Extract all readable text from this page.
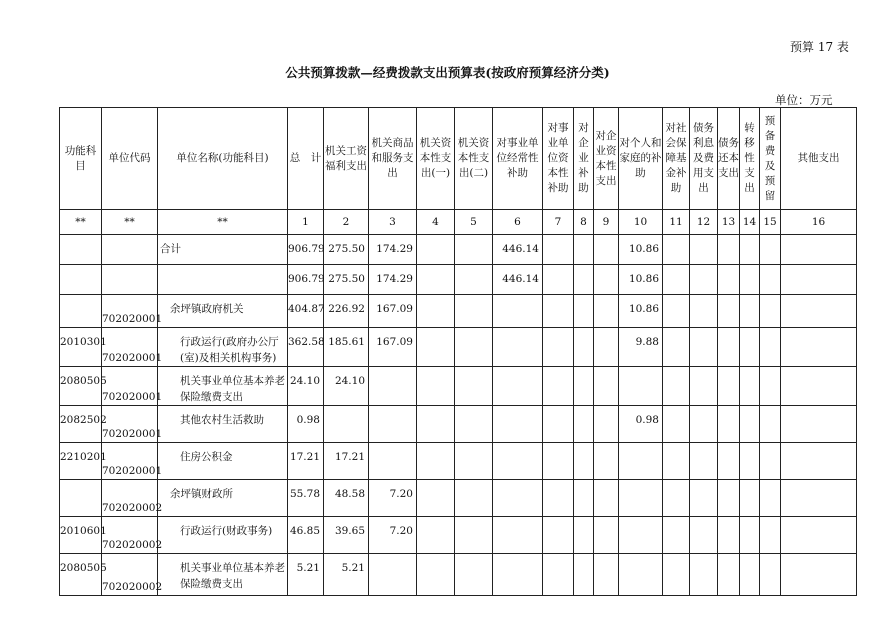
预算 17 表
公共预算拨款—经费拨款支出预算表(按政府预算经济分类)
单位：万元
功能科目	单位代码	单位名称(功能科目)	总　计	机关工资福利支出	机关商品和服务支出	机关资本性支出(一)	机关资本性支出(二)	对事业单位经常性补助	对事业单位资本性补助	对企业补助	对企业资本性支出	对个人和家庭的补助	对社会保障基金补助	债务利息及费用支出	债务还本支出	转移性支出	预备费及预留	其他支出
**	**	**	1	2	3	4	5	6	7	8	9	10	11	12	13	14	15	16
		合计	906.79	275.50	174.29			446.14				10.86						
			906.79	275.50	174.29			446.14				10.86						
	702020001	余坪镇政府机关	404.87	226.92	167.09							10.86						
2010301	702020001	行政运行(政府办公厅(室)及相关机构事务)	362.58	185.61	167.09							9.88						
2080505	702020001	机关事业单位基本养老保险缴费支出	24.10	24.10														
2082502	702020001	其他农村生活救助	0.98									0.98						
2210201	702020001	住房公积金	17.21	17.21														
	702020002	余坪镇财政所	55.78	48.58	7.20													
2010601	702020002	行政运行(财政事务)	46.85	39.65	7.20													
2080505	702020002	机关事业单位基本养老保险缴费支出	5.21	5.21														
